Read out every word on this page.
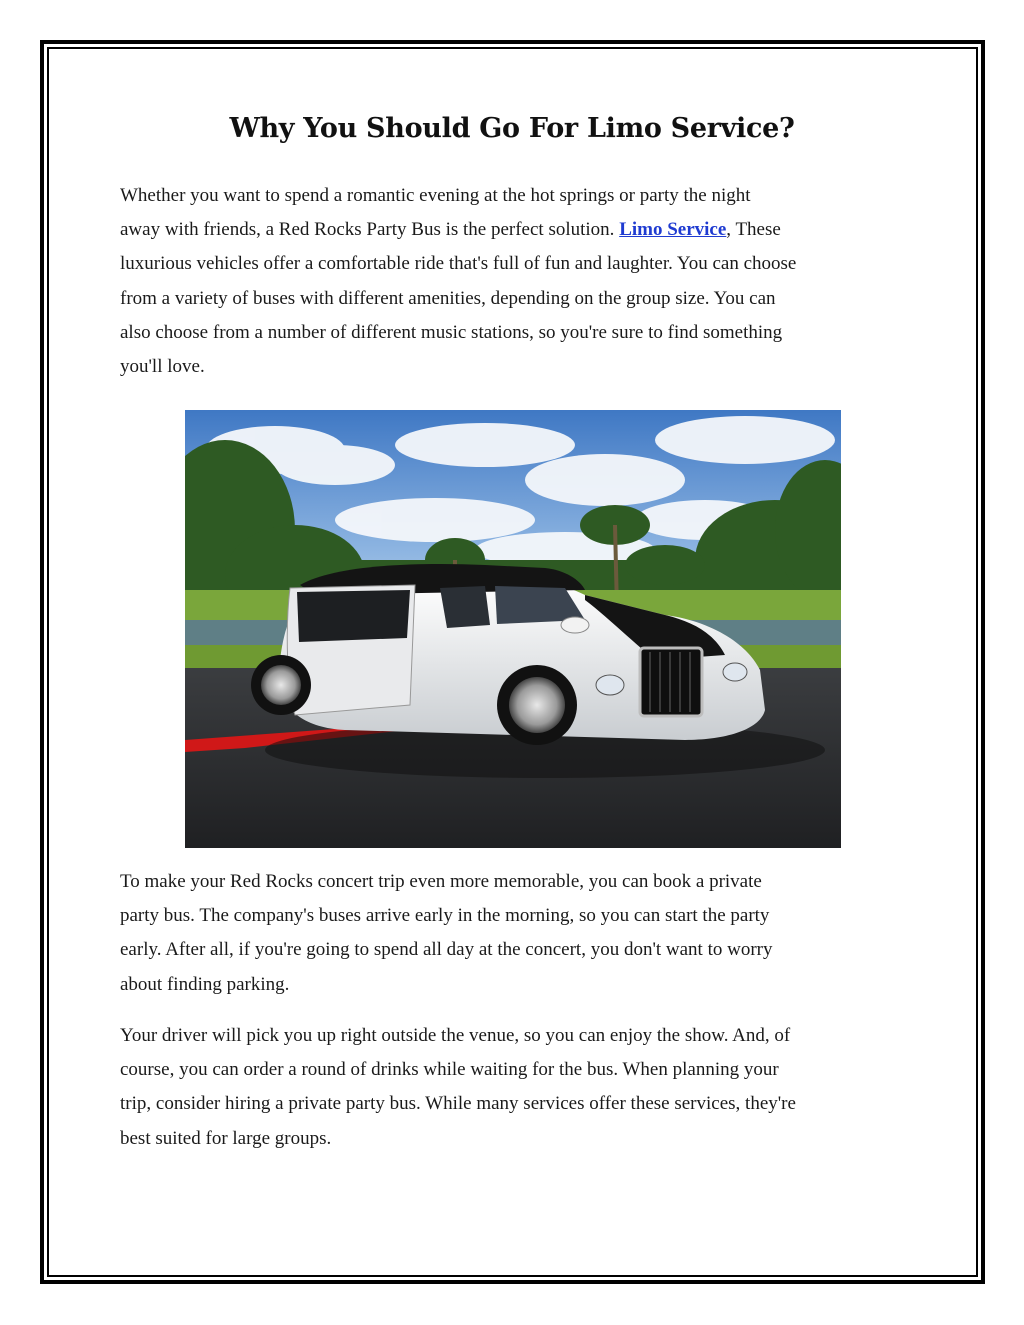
Why You Should Go For Limo Service?

Whether you want to spend a romantic evening at the hot springs or party the night
away with friends, a Red Rocks Party Bus is the perfect solution. Limo Service, These
luxurious vehicles offer a comfortable ride that's full of fun and laughter. You can choose
from a variety of buses with different amenities, depending on the group size. You can
also choose from a number of different music stations, so you're sure to find something
you'll love.

To make your Red Rocks concert trip even more memorable, you can book a private
party bus. The company's buses arrive early in the morning, so you can start the party
early. After all, if you're going to spend all day at the concert, you don't want to worry
about finding parking.

Your driver will pick you up right outside the venue, so you can enjoy the show. And, of
course, you can order a round of drinks while waiting for the bus. When planning your
trip, consider hiring a private party bus. While many services offer these services, they're
best suited for large groups.
